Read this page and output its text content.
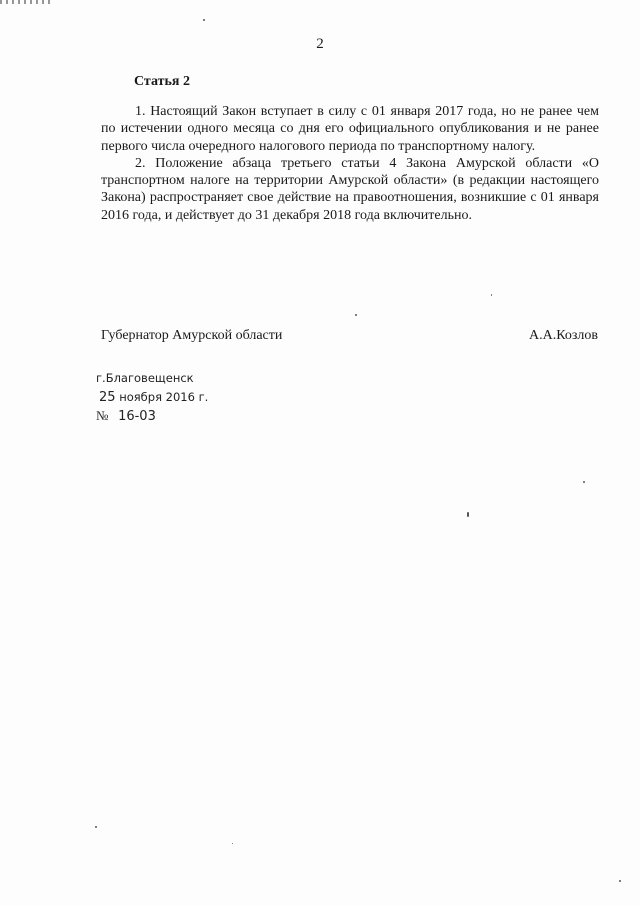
2
Статья 2

1. Настоящий Закон вступает в силу с 01 января 2017 года, но не ранее чем по истечении одного месяца со дня его официального опубликования и не ранее первого числа очередного налогового периода по транспортному налогу.

2. Положение абзаца третьего статьи 4 Закона Амурской области «О транспортном налоге на территории Амурской области» (в редакции настоящего Закона) распространяет свое действие на правоотношения, возникшие с 01 января 2016 года, и действует до 31 декабря 2018 года включительно.

Губернатор Амурской области	А.А.Козлов
г.Благовещенск
25 ноября 2016 г.
№ 16-03
